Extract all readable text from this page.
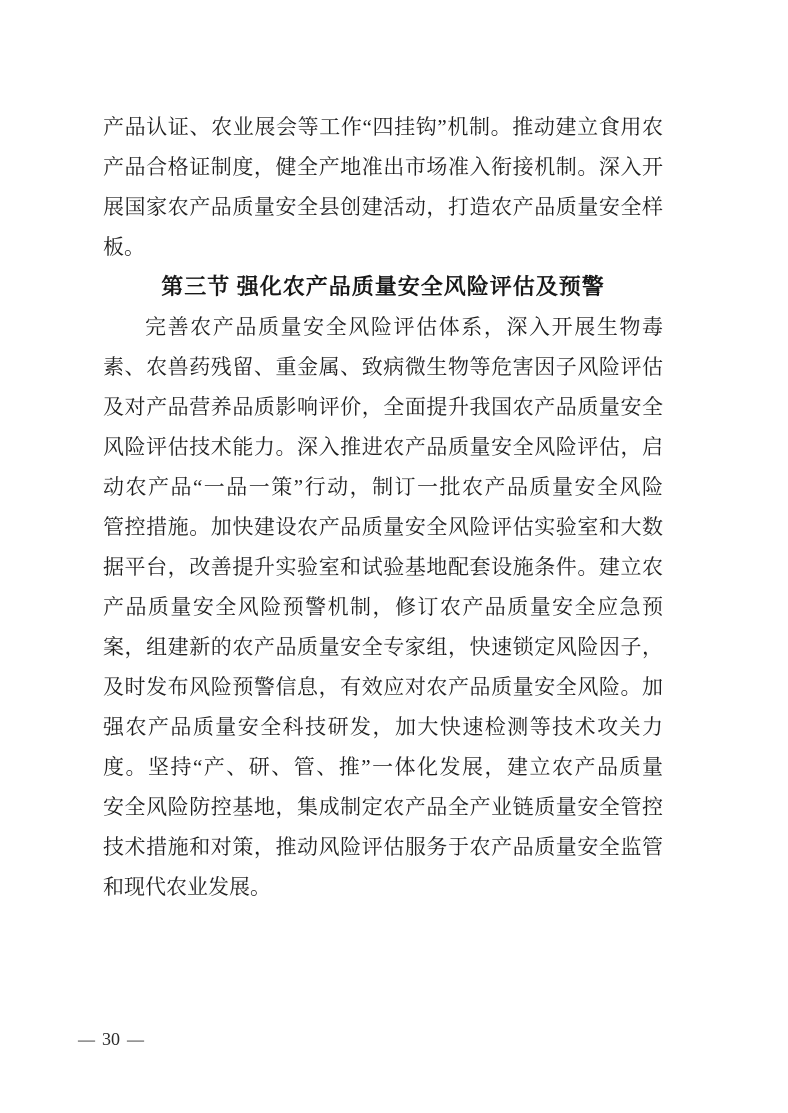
产品认证、农业展会等工作“四挂钩”机制。推动建立食用农
产品合格证制度，健全产地准出市场准入衔接机制。深入开
展国家农产品质量安全县创建活动，打造农产品质量安全样
板。

第三节 强化农产品质量安全风险评估及预警

完善农产品质量安全风险评估体系，深入开展生物毒
素、农兽药残留、重金属、致病微生物等危害因子风险评估
及对产品营养品质影响评价，全面提升我国农产品质量安全
风险评估技术能力。深入推进农产品质量安全风险评估，启
动农产品“一品一策”行动，制订一批农产品质量安全风险
管控措施。加快建设农产品质量安全风险评估实验室和大数
据平台，改善提升实验室和试验基地配套设施条件。建立农
产品质量安全风险预警机制，修订农产品质量安全应急预
案，组建新的农产品质量安全专家组，快速锁定风险因子，
及时发布风险预警信息，有效应对农产品质量安全风险。加
强农产品质量安全科技研发，加大快速检测等技术攻关力
度。坚持“产、研、管、推”一体化发展，建立农产品质量
安全风险防控基地，集成制定农产品全产业链质量安全管控
技术措施和对策，推动风险评估服务于农产品质量安全监管
和现代农业发展。

— 30 —
